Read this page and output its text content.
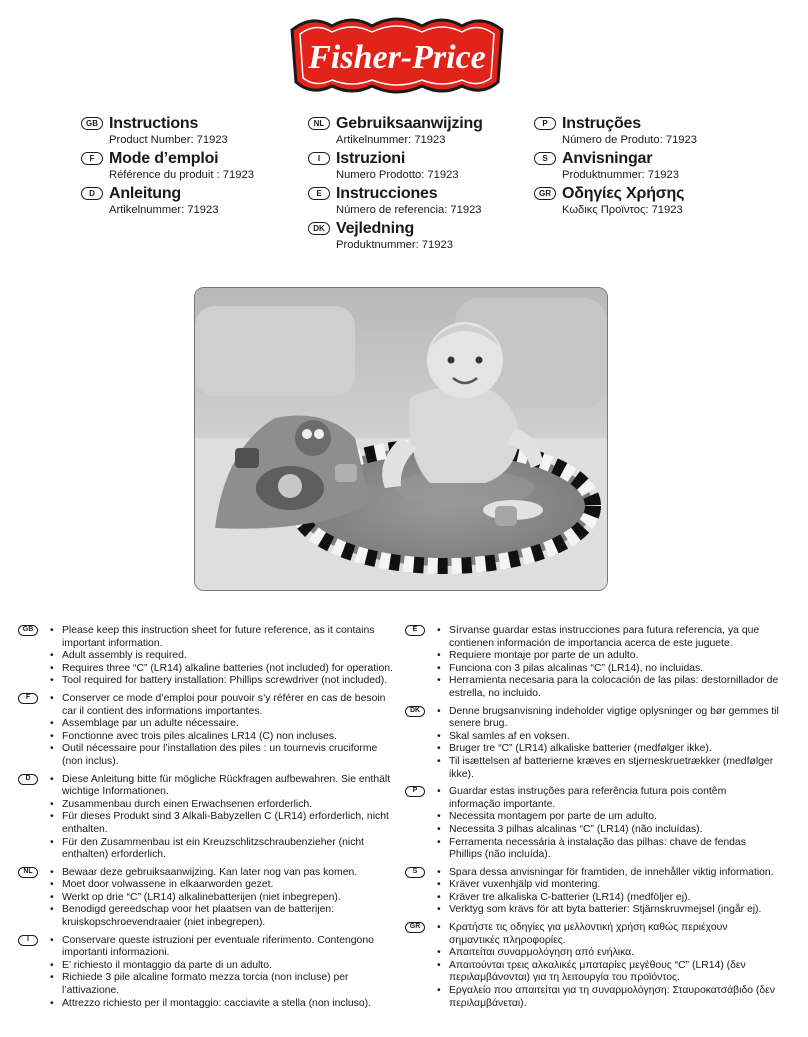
Fisher-Price
GB Instructions
Product Number: 71923
F Mode d’emploi
Référence du produit : 71923
D Anleitung
Artikelnummer: 71923
NL Gebruiksaanwijzing
Artikelnummer: 71923
I Istruzioni
Numero Prodotto: 71923
E Instrucciones
Número de referencia: 71923
DK Vejledning
Produktnummer: 71923
P Instruções
Número de Produto: 71923
S Anvisningar
Produktnummer: 71923
GR Οδηγίες Χρήσης
Κωδικς Προϊντος: 71923
GB	• Please keep this instruction sheet for future reference, as it contains important information.
• Adult assembly is required.
• Requires three “C” (LR14) alkaline batteries (not included) for operation.
• Tool required for battery installation: Phillips screwdriver (not included).
F	• Conserver ce mode d’emploi pour pouvoir s’y référer en cas de besoin car il contient des informations importantes.
• Assemblage par un adulte nécessaire.
• Fonctionne avec trois piles alcalines LR14 (C) non incluses.
• Outil nécessaire pour l’installation des piles : un tournevis cruciforme (non inclus).
D	• Diese Anleitung bitte für mögliche Rückfragen aufbewahren. Sie enthält wichtige Informationen.
• Zusammenbau durch einen Erwachsenen erforderlich.
• Für dieses Produkt sind 3 Alkali-Babyzellen C (LR14) erforderlich, nicht enthalten.
• Für den Zusammenbau ist ein Kreuzschlitzschraubenzieher (nicht enthalten) erforderlich.
NL	• Bewaar deze gebruiksaanwijzing. Kan later nog van pas komen.
• Moet door volwassene in elkaarworden gezet.
• Werkt op drie “C” (LR14) alkalinebatterijen (niet inbegrepen).
• Benodigd gereedschap voor het plaatsen van de batterijen: kruiskopschroevendraaier (niet inbegrepen).
I	• Conservare queste istruzioni per eventuale riferimento. Contengono importanti informazioni.
• E’ richiesto il montaggio da parte di un adulto.
• Richiede 3 pile alcaline formato mezza torcia (non incluse) per l’attivazione.
• Attrezzo richiesto per il montaggio: cacciavite a stella (non incluso).
E	• Sírvanse guardar estas instrucciones para futura referencia, ya que contienen información de importancia acerca de este juguete.
• Requiere montaje por parte de un adulto.
• Funciona con 3 pilas alcalinas “C” (LR14), no incluidas.
• Herramienta necesaria para la colocación de las pilas: destornillador de estrella, no incluido.
DK	• Denne brugsanvisning indeholder vigtige oplysninger og bør gemmes til senere brug.
• Skal samles af en voksen.
• Bruger tre “C” (LR14) alkaliske batterier (medfølger ikke).
• Til isættelsen af batterierne kræves en stjerneskruetrækker (medfølger ikke).
P	• Guardar estas instruções para referência futura pois contêm informação importante.
• Necessita montagem por parte de um adulto.
• Necessita 3 pilhas alcalinas “C” (LR14) (não incluídas).
• Ferramenta necessária à instalação das pilhas: chave de fendas Phillips (não incluída).
S	• Spara dessa anvisningar för framtiden, de innehåller viktig information.
• Kräver vuxenhjälp vid montering.
• Kräver tre alkaliska C-batterier (LR14) (medföljer ej).
• Verktyg som krävs för att byta batterier: Stjärnskruvmejsel (ingår ej).
GR	• Κρατήστε τις οδηγίες για μελλοντική χρήση καθώς περιέχουν σημαντικές πληροφορίες.
• Απαιτείται συναρμολόγηση από ενήλικα.
• Απαιτούνται τρεις αλκαλικές μπαταρίες μεγέθους “C” (LR14) (δεν περιλαμβάνονται) για τη λειτουργία του προϊόντος.
• Εργαλείο που απαιτείται για τη συναρμολόγηση: Σταυροκατσάβιδο (δεν περιλαμβάνεται).
